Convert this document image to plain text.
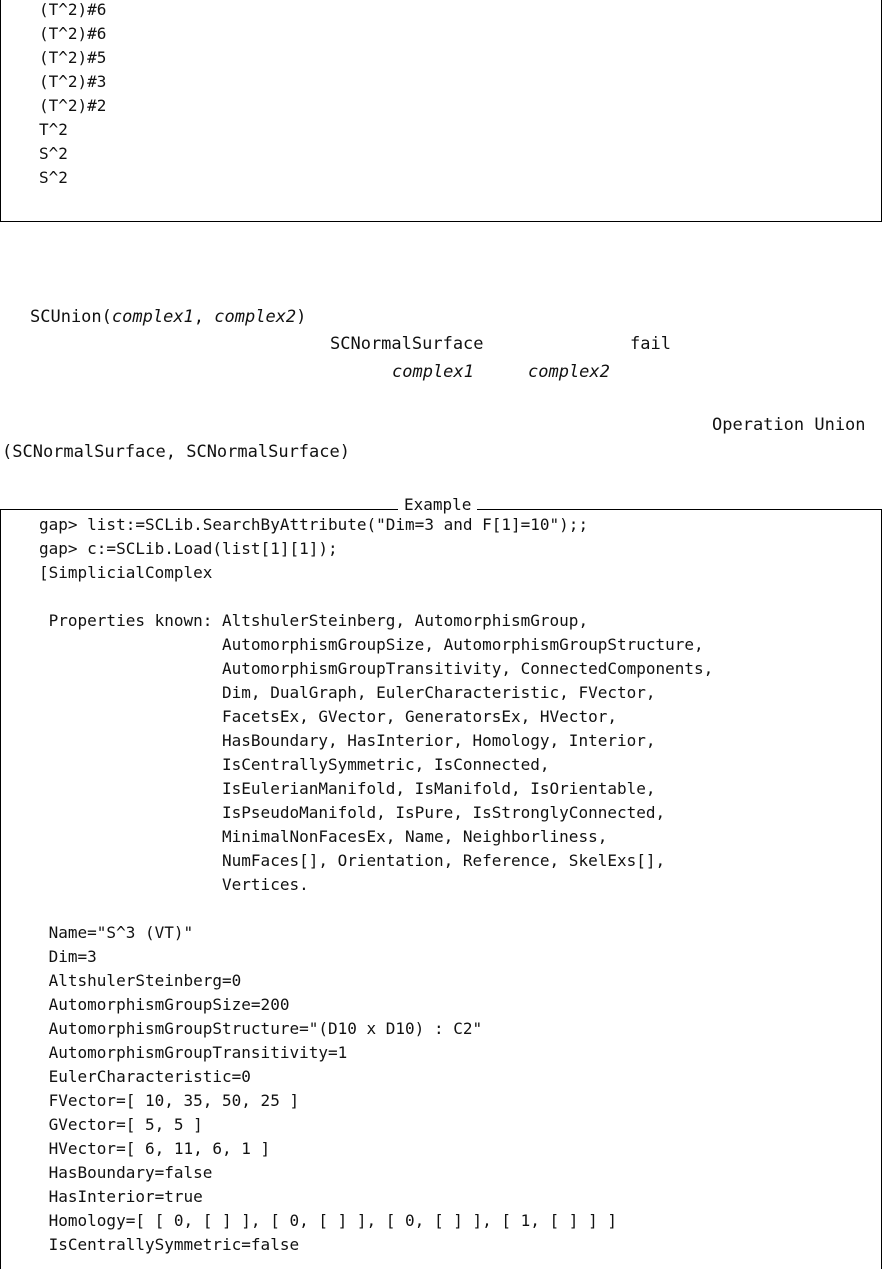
(T^2)#6
(T^2)#6
(T^2)#5
(T^2)#3
(T^2)#2
T^2
S^2
S^2
SCUnion(complex1, complex2)
SCNormalSurface	fail
complex1	complex2
Operation Union
(SCNormalSurface, SCNormalSurface)
gap> list:=SCLib.SearchByAttribute("Dim=3 and F[1]=10");;
gap> c:=SCLib.Load(list[1][1]);
[SimplicialComplex
Properties known: AltshulerSteinberg, AutomorphismGroup,
AutomorphismGroupSize, AutomorphismGroupStructure,
AutomorphismGroupTransitivity, ConnectedComponents,
Dim, DualGraph, EulerCharacteristic, FVector,
FacetsEx, GVector, GeneratorsEx, HVector,
HasBoundary, HasInterior, Homology, Interior,
IsCentrallySymmetric, IsConnected,
IsEulerianManifold, IsManifold, IsOrientable,
IsPseudoManifold, IsPure, IsStronglyConnected,
MinimalNonFacesEx, Name, Neighborliness,
NumFaces[], Orientation, Reference, SkelExs[],
Vertices.
Name="S^3 (VT)"
Dim=3
AltshulerSteinberg=0
AutomorphismGroupSize=200
AutomorphismGroupStructure="(D10 x D10) : C2"
AutomorphismGroupTransitivity=1
EulerCharacteristic=0
FVector=[ 10, 35, 50, 25 ]
GVector=[ 5, 5 ]
HVector=[ 6, 11, 6, 1 ]
HasBoundary=false
HasInterior=true
Homology=[ [ 0, [ ] ], [ 0, [ ] ], [ 0, [ ] ], [ 1, [ ] ] ]
IsCentrallySymmetric=false
Example
